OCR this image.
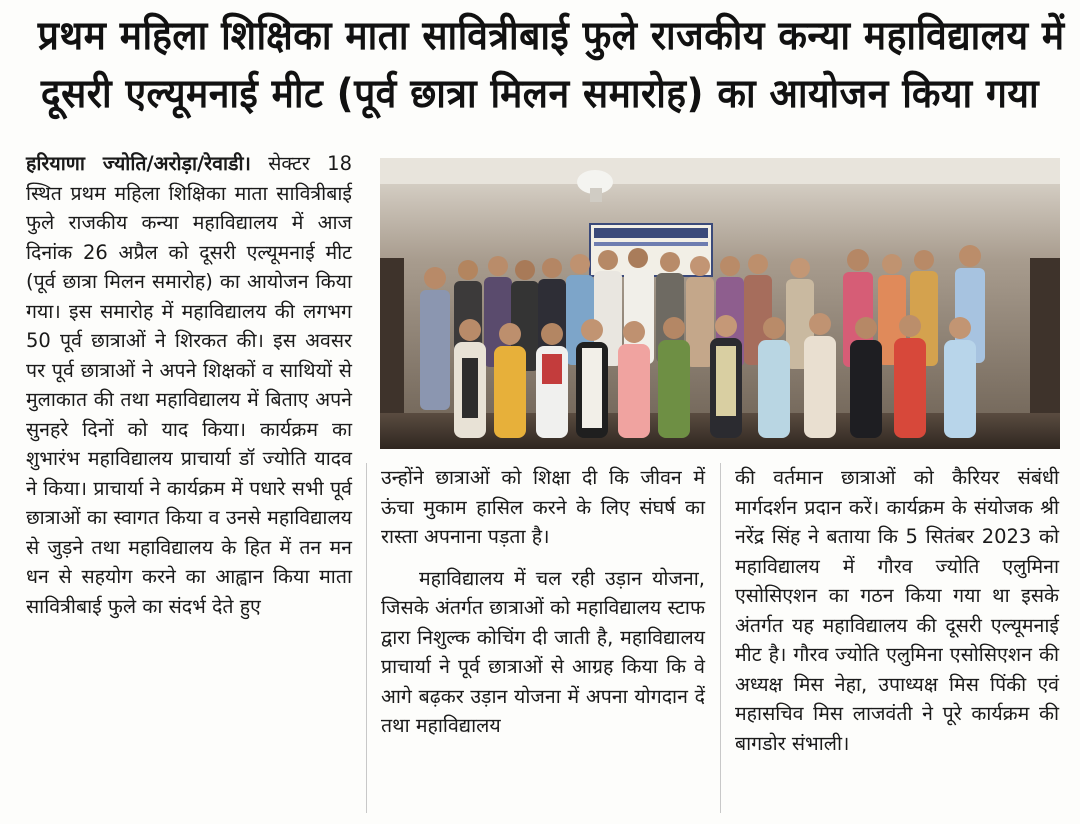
प्रथम महिला शिक्षिका माता सावित्रीबाई फुले राजकीय कन्या महाविद्यालय में
दूसरी एल्यूमनाई मीट (पूर्व छात्रा मिलन समारोह) का आयोजन किया गया

हरियाणा ज्योति/अरोड़ा/रेवाडी। सेक्टर 18 स्थित प्रथम महिला शिक्षिका माता सावित्रीबाई फुले राजकीय कन्या महाविद्यालय में आज दिनांक 26 अप्रैल को दूसरी एल्यूमनाई मीट (पूर्व छात्रा मिलन समारोह) का आयोजन किया गया। इस समारोह में महाविद्यालय की लगभग 50 पूर्व छात्राओं ने शिरकत की। इस अवसर पर पूर्व छात्राओं ने अपने शिक्षकों व साथियों से मुलाकात की तथा महाविद्यालय में बिताए अपने सुनहरे दिनों को याद किया। कार्यक्रम का शुभारंभ महाविद्यालय प्राचार्या डॉ ज्योति यादव ने किया। प्राचार्या ने कार्यक्रम में पधारे सभी पूर्व छात्राओं का स्वागत किया व उनसे महाविद्यालय से जुड़ने तथा महाविद्यालय के हित में तन मन धन से सहयोग करने का आह्वान किया माता सावित्रीबाई फुले का संदर्भ देते हुए

उन्होंने छात्राओं को शिक्षा दी कि जीवन में ऊंचा मुकाम हासिल करने के लिए संघर्ष का रास्ता अपनाना पड़ता है।

महाविद्यालय में चल रही उड़ान योजना, जिसके अंतर्गत छात्राओं को महाविद्यालय स्टाफ द्वारा निशुल्क कोचिंग दी जाती है, महाविद्यालय प्राचार्या ने पूर्व छात्राओं से आग्रह किया कि वे आगे बढ़कर उड़ान योजना में अपना योगदान दें तथा महाविद्यालय

की वर्तमान छात्राओं को कैरियर संबंधी मार्गदर्शन प्रदान करें। कार्यक्रम के संयोजक श्री नरेंद्र सिंह ने बताया कि 5 सितंबर 2023 को महाविद्यालय में गौरव ज्योति एलुमिना एसोसिएशन का गठन किया गया था इसके अंतर्गत यह महाविद्यालय की दूसरी एल्यूमनाई मीट है। गौरव ज्योति एलुमिना एसोसिएशन की अध्यक्ष मिस नेहा, उपाध्यक्ष मिस पिंकी एवं महासचिव मिस लाजवंती ने पूरे कार्यक्रम की बागडोर संभाली।
